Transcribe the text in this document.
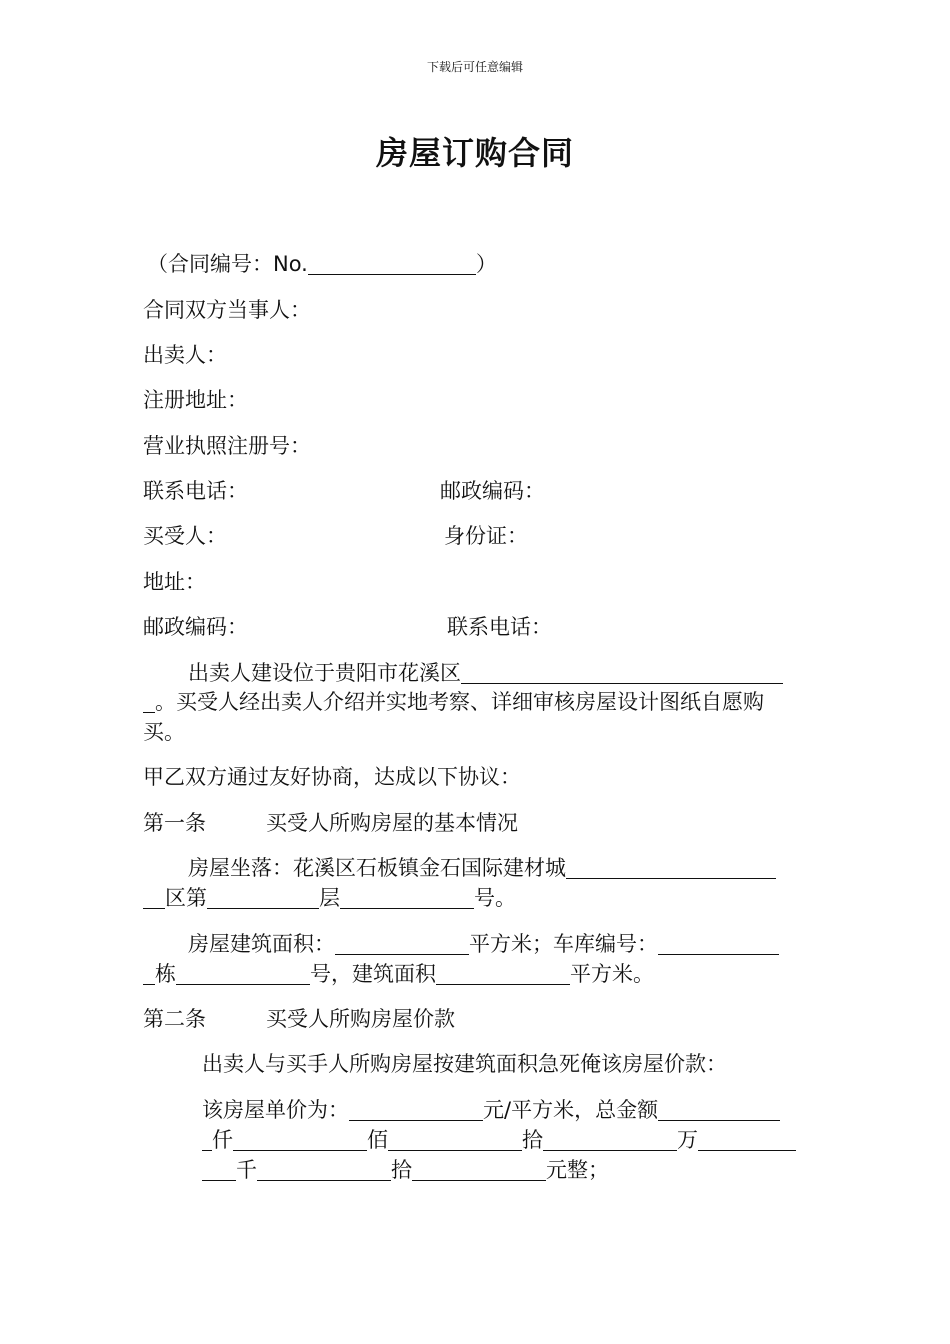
下载后可任意编辑
房屋订购合同
（合同编号：No.	）
合同双方当事人：
出卖人：
注册地址：
营业执照注册号：
联系电话：	邮政编码：
买受人：	身份证：
地址：
邮政编码：	联系电话：
出卖人建设位于贵阳市花溪区
。买受人经出卖人介绍并实地考察、详细审核房屋设计图纸自愿购
买。
甲乙双方通过友好协商，达成以下协议：
第一条	买受人所购房屋的基本情况
房屋坐落：花溪区石板镇金石国际建材城
区第	层	号。
房屋建筑面积：	平方米；车库编号：
栋	号，建筑面积	平方米。
第二条	买受人所购房屋价款
出卖人与买手人所购房屋按建筑面积急死俺该房屋价款：
该房屋单价为：	元/平方米，总金额
仟	佰	拾	万
千	拾	元整；
